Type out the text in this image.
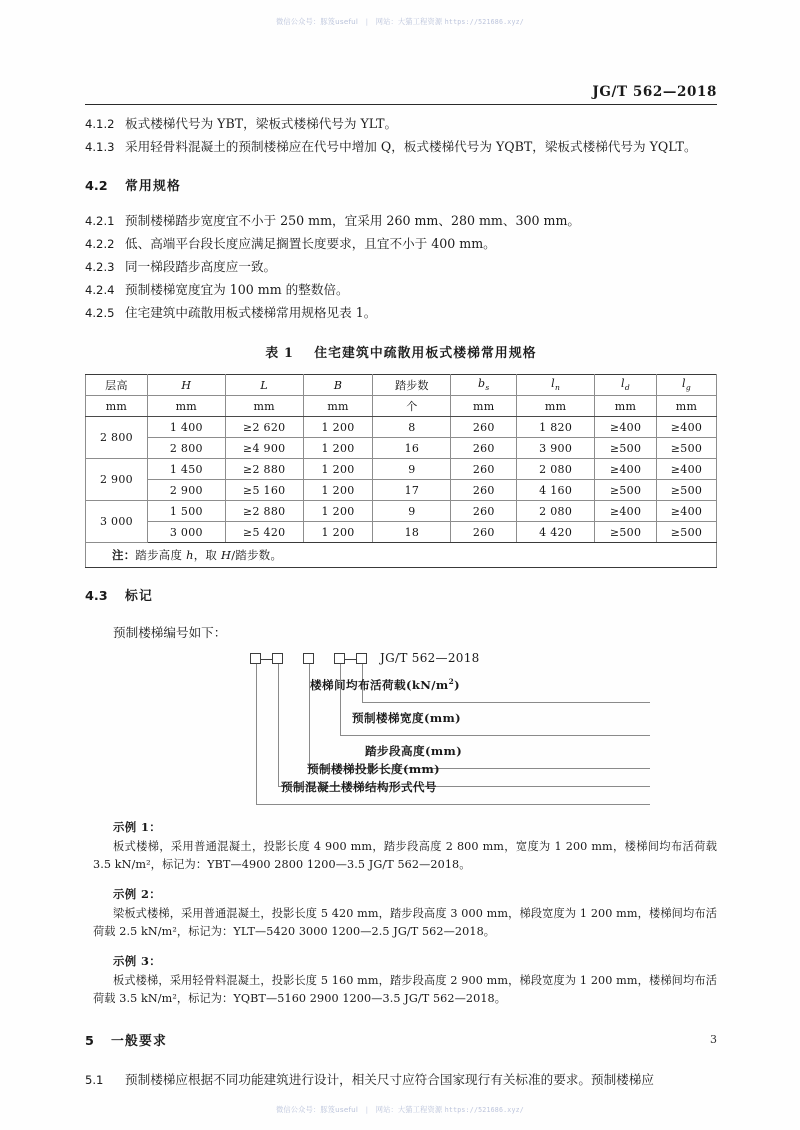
微信公众号：豚笈useful | 网站：大猫工程资源 https://521686.xyz/
JG/T 562—2018

4.1.2 板式楼梯代号为 YBT，梁板式楼梯代号为 YLT。

4.1.3 采用轻骨料混凝土的预制楼梯应在代号中增加 Q，板式楼梯代号为 YQBT，梁板式楼梯代号为 YQLT。

4.2 常用规格

4.2.1 预制楼梯踏步宽度宜不小于 250 mm，宜采用 260 mm、280 mm、300 mm。

4.2.2 低、高端平台段长度应满足搁置长度要求，且宜不小于 400 mm。

4.2.3 同一梯段踏步高度应一致。

4.2.4 预制楼梯宽度宜为 100 mm 的整数倍。

4.2.5 住宅建筑中疏散用板式楼梯常用规格见表 1。

表 1 住宅建筑中疏散用板式楼梯常用规格
层高	H	L	B	踏步数	$b_s$	$l_n$	$l_d$	$l_g$
mm	mm	mm	mm	个	mm	mm	mm	mm
2 800	1 400	≥2 620	1 200	8	260	1 820	≥400	≥400
	2 800	≥4 900	1 200	16	260	3 900	≥500	≥500
2 900	1 450	≥2 880	1 200	9	260	2 080	≥400	≥400
	2 900	≥5 160	1 200	17	260	4 160	≥500	≥500
3 000	1 500	≥2 880	1 200	9	260	2 080	≥400	≥400
	3 000	≥5 420	1 200	18	260	4 420	≥500	≥500
注：踏步高度 h，取 H/踏步数。								
4.3 标记
预制楼梯编号如下：
JG/T 562—2018
楼梯间均布活荷载$(kN/m^2)$
预制楼梯宽度(mm)
踏步段高度(mm)
预制楼梯投影长度(mm)
预制混凝土楼梯结构形式代号
示例 1：
板式楼梯，采用普通混凝土，投影长度 4 900 mm，踏步段高度 2 800 mm，宽度为 1 200 mm，楼梯间均布活荷载 3.5 kN/m²，标记为：YBT—4900 2800 1200—3.5 JG/T 562—2018。
示例 2：
梁板式楼梯，采用普通混凝土，投影长度 5 420 mm，踏步段高度 3 000 mm，梯段宽度为 1 200 mm，楼梯间均布活荷载 2.5 kN/m²，标记为：YLT—5420 3000 1200—2.5 JG/T 562—2018。
示例 3：
板式楼梯，采用轻骨料混凝土，投影长度 5 160 mm，踏步段高度 2 900 mm，梯段宽度为 1 200 mm，楼梯间均布活荷载 3.5 kN/m²，标记为：YQBT—5160 2900 1200—3.5 JG/T 562—2018。
5 一般要求

5.1 预制楼梯应根据不同功能建筑进行设计，相关尺寸应符合国家现行有关标准的要求。预制楼梯应

3
微信公众号：豚笈useful | 网站：大猫工程资源 https://521686.xyz/
